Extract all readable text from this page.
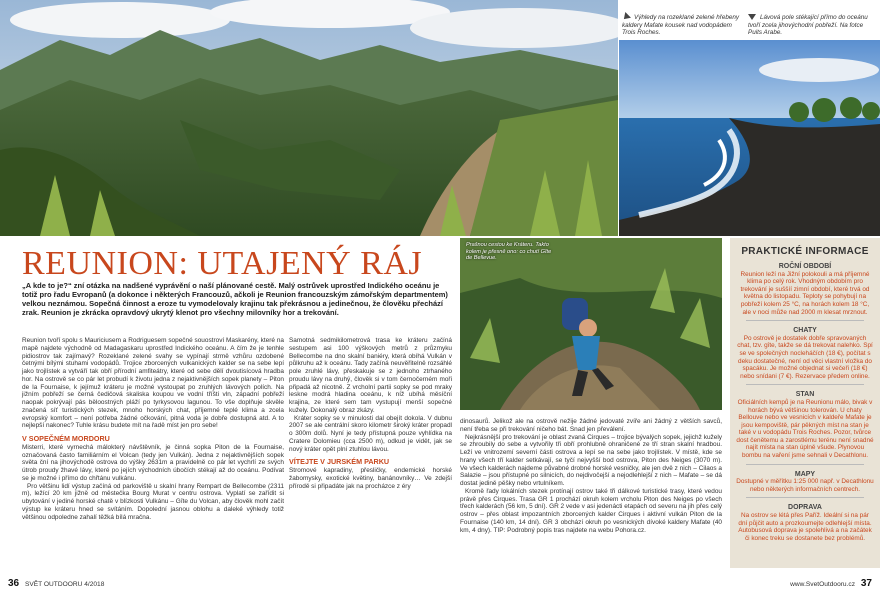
Výhledy na rozeklané zelené hřebeny kaldery Mafate kousek nad vodopádem Trois Roches.
Lávová pole stékající přímo do oceánu tvoří zcela jihovýchodní pobřeží. Na fotce Puits Arabe.
Prašnou cestou ke Kráteru. Takto kolem je přesně ono: co chutí Gîte de Bellevue.
REUNION: UTAJENÝ RÁJ
„A kde to je?“ zní otázka na nadšené vyprávění o naší plánované cestě. Malý ostrůvek uprostřed Indického oceánu je totiž pro řadu Evropanů (a dokonce i některých Francouzů, ačkoli je Reunion francouzským zámořským departmentem) velkou neznámou. Sopečná činnost a eroze tu vymodelovaly krajinu tak překrásnou a jedinečnou, že člověku přechází zrak. Reunion je zkrácka opravdový ukrytý klenot pro všechny milovníky hor a trekování.

Reunion tvoří spolu s Mauriciusem a Rodriguesem sopečné souostroví Maskarény, které na mapě najdete východně od Madagaskaru uprostřed Indického oceánu. A čím že je tenhle pidiostrov tak zajímavý? Rozeklané zelené svahy se vypínají strmě vzhůru ozdobené četnými bílými stuhami vodopádů. Trojice zborcených vulkanických kalder se na sebe lepí jako trojlístek a vytváří tak obří přírodní amfiteátry, které od sebe dělí dvoutisícová hradba hor. Na ostrově se co pár let probudí k životu jedna z nejaktivnějších sopek planety – Piton de la Fournaise, k jejímuž kráteru je možné vystoupat po zruhlých lávových polích. Na jižním pobřeží se černá čedičová skaliska koupou ve vodní tříšti vln, západní pobřeží naopak pokrývají pás běloostných pláží po tyrkysovou lagunou. To vše doplňuje skvěle značená síť turistických stezek, mnoho horských chat, příjemné teplé klima a zcela evropský komfort – není potřeba žádné očkování, pitná voda je dobře dostupná atd. A to nejlepší nakonec? Tuhle krásu budete mít na řadě míst jen pro sebe!

V SOPEČNÉM MORDORU

Misterri, které vyrnechá málokterý návštěvník, je činná sopka Piton de la Fournaise, označovaná často familiárním el Volcan (tedy jen Vulkán). Jedna z nejaktivnějších sopek světa ční na jihovýchodě ostrova do výšky 2631m a pravidelně co pár let vychrlí ze svých útrob proudy žhavé lávy, které po jejích východních úbočích stékají až do oceánu. Podívat se je možné i přímo do chřtánu vulkánu.

Pro většinu lidí výstup začíná od parkoviště u skalní hrany Rempart de Bellecombe (2311 m), ležící 20 km jižně od městečka Bourg Murat v centru ostrova. Vyplatí se zařídit si ubytování v jediné horské chatě v blízkosti Vulkánu – Gîte du Volcan, aby člověk mohl začít výstup ke kráteru hned se svítáním. Dopolední jasnou oblohu a daleké výhledy totiž většinou odpoledne zahalí těžká bílá mračna.

Samotná sedmikilometrová trasa ke kráteru začíná sestupem asi 100 výškových metrů z průzmyku Bellecombe na dno skalní baniéry, která obíhá Vulkán v půlkruhu až k oceánu. Tady začíná neuvěřitelně rozsáhlé pole zruhlé lávy, přeskakuje se z jednoho ztrhaného proudu lávy na druhý, člověk si v tom černočerném moři připadá až nicotně. Z vrcholní partii sopky se pod mraky leskne modrá hladina oceánu, k níž ubíhá měsíční krajina, ze které sem tam vystupují menší sopečné kužely. Dokonalý obraz zkázy.

Kráter sopky se v minulosti dal obejít dokola. V dubnu 2007 se ale centrální skoro kilometr široký kráter propadl o 300m dolů. Nyní je tedy přístupná pouze vyhlídka na Cratere Dolomieu (cca 2500 m), odkud je vidět, jak se nový kráter opět plní ztuhlou lávou.

VÍTEJTE V JURSKÉM PARKU

Stromové kapradiny, přesličky, endemické horské žabomysky, exotické květiny, banánovníky… Ve zdejší přírodě si připadáte jak na procházce z éry

dinosaurů. Jelikož ale na ostrově nežije žádné jedovaté zvíře ani žádný z větších savců, není třeba se při trekování ničeho bát. Snad jen převálení.

Nejkrásnější pro trekování je oblast zvaná Cirques – trojice bývalých sopek, jejichž kužely se zhroubily do sebe a vytvořily tři obří prohlubně ohraničené ze tří stran skalní hradbou. Leží ve vnitrozemí severní části ostrova a lepí se na sebe jako trojlístek. V místě, kde se hrany všech tří kalder setkávají, se tyčí nejvyšší bod ostrova, Piton des Neiges (3070 m). Ve všech kalderách najdeme půvabné drobné horské vesničky, ale jen dvě z nich – Cilaos a Salazie – jsou přístupné po silnicích, do nejdivočejší a nejodlehlejší z nich – Mafate – se dá dostat jedině pěšky nebo vrtulníkem.

Kromě řady lokálních stezek protínají ostrov také tři dálkové turistické trasy, které vedou právě přes Cirques. Trasa GR 1 prochází okruh kolem vrcholu Piton des Neiges po všech třech kalderách (56 km, 5 dní). GR 2 vede v asi jedenácti etapách od severu na jih přes celý ostrov – přes oblast impozantních zborcených kalder Cirques i aktivní vulkán Piton de la Fournaise (140 km, 14 dní). GR 3 obchází okruh po vesnických dívoké kaldery Mafate (40 km, 4 dny). TIP: Podrobný popis tras najdete na webu Pohora.cz.

PRAKTICKÉ INFORMACE
ROČNÍ OBDOBÍ
Reunion leží na Jižní polokouli a má příjemné klima po celý rok. Vhodným obdobím pro trekování je suššíí zimní období, které trvá od května do listopadu. Teploty se pohybují na pobřeží kolem 25 °C, na horách kolem 18 °C, ale v noci může nad 2000 m klesat mrznout.
CHATY
Po ostrově je dostatek dobře spravovaných chat, tzv. gîte, takže se dá trekovat nalehko. Spí se ve společných nocleháčích (18 €), počítat s deku dostatečné, není od věci vlastní vložka do spacáku. Je možné objednat si večeři (18 €) nebo snídani (7 €). Rezervace předem online.
STAN
Oficiálních kempů je na Reunionu málo, bivak v horách bývá většinou tolerován. U chaty Bellouve nebo ve vesnicích v kaldeře Mafate je jsou kempoviště, pár pěkných míst na stan je také v u vodopádu Trois Roches. Pozor, tvůrce dost čenětemu a zarostlému terénu není snadné najít místa na stan úplně všude. Plynovou bombu na vaření jsme sehnali v Decathlonu.
MAPY
Dostupné v měřítku 1:25 000 např. v Decathlonu nebo některých informačních centrech.
DOPRAVA
Na ostrov se létá přes Paříž. Ideální si na pár dní půjčit auto a prozkoumejte odlehlejší místa. Autobusová doprava je spolehlivá a na začátek či konec treku se dostanete bez problémů.
36 SVĚT OUTDOORU 4/2018	www.SvetOutdooru.cz 37
